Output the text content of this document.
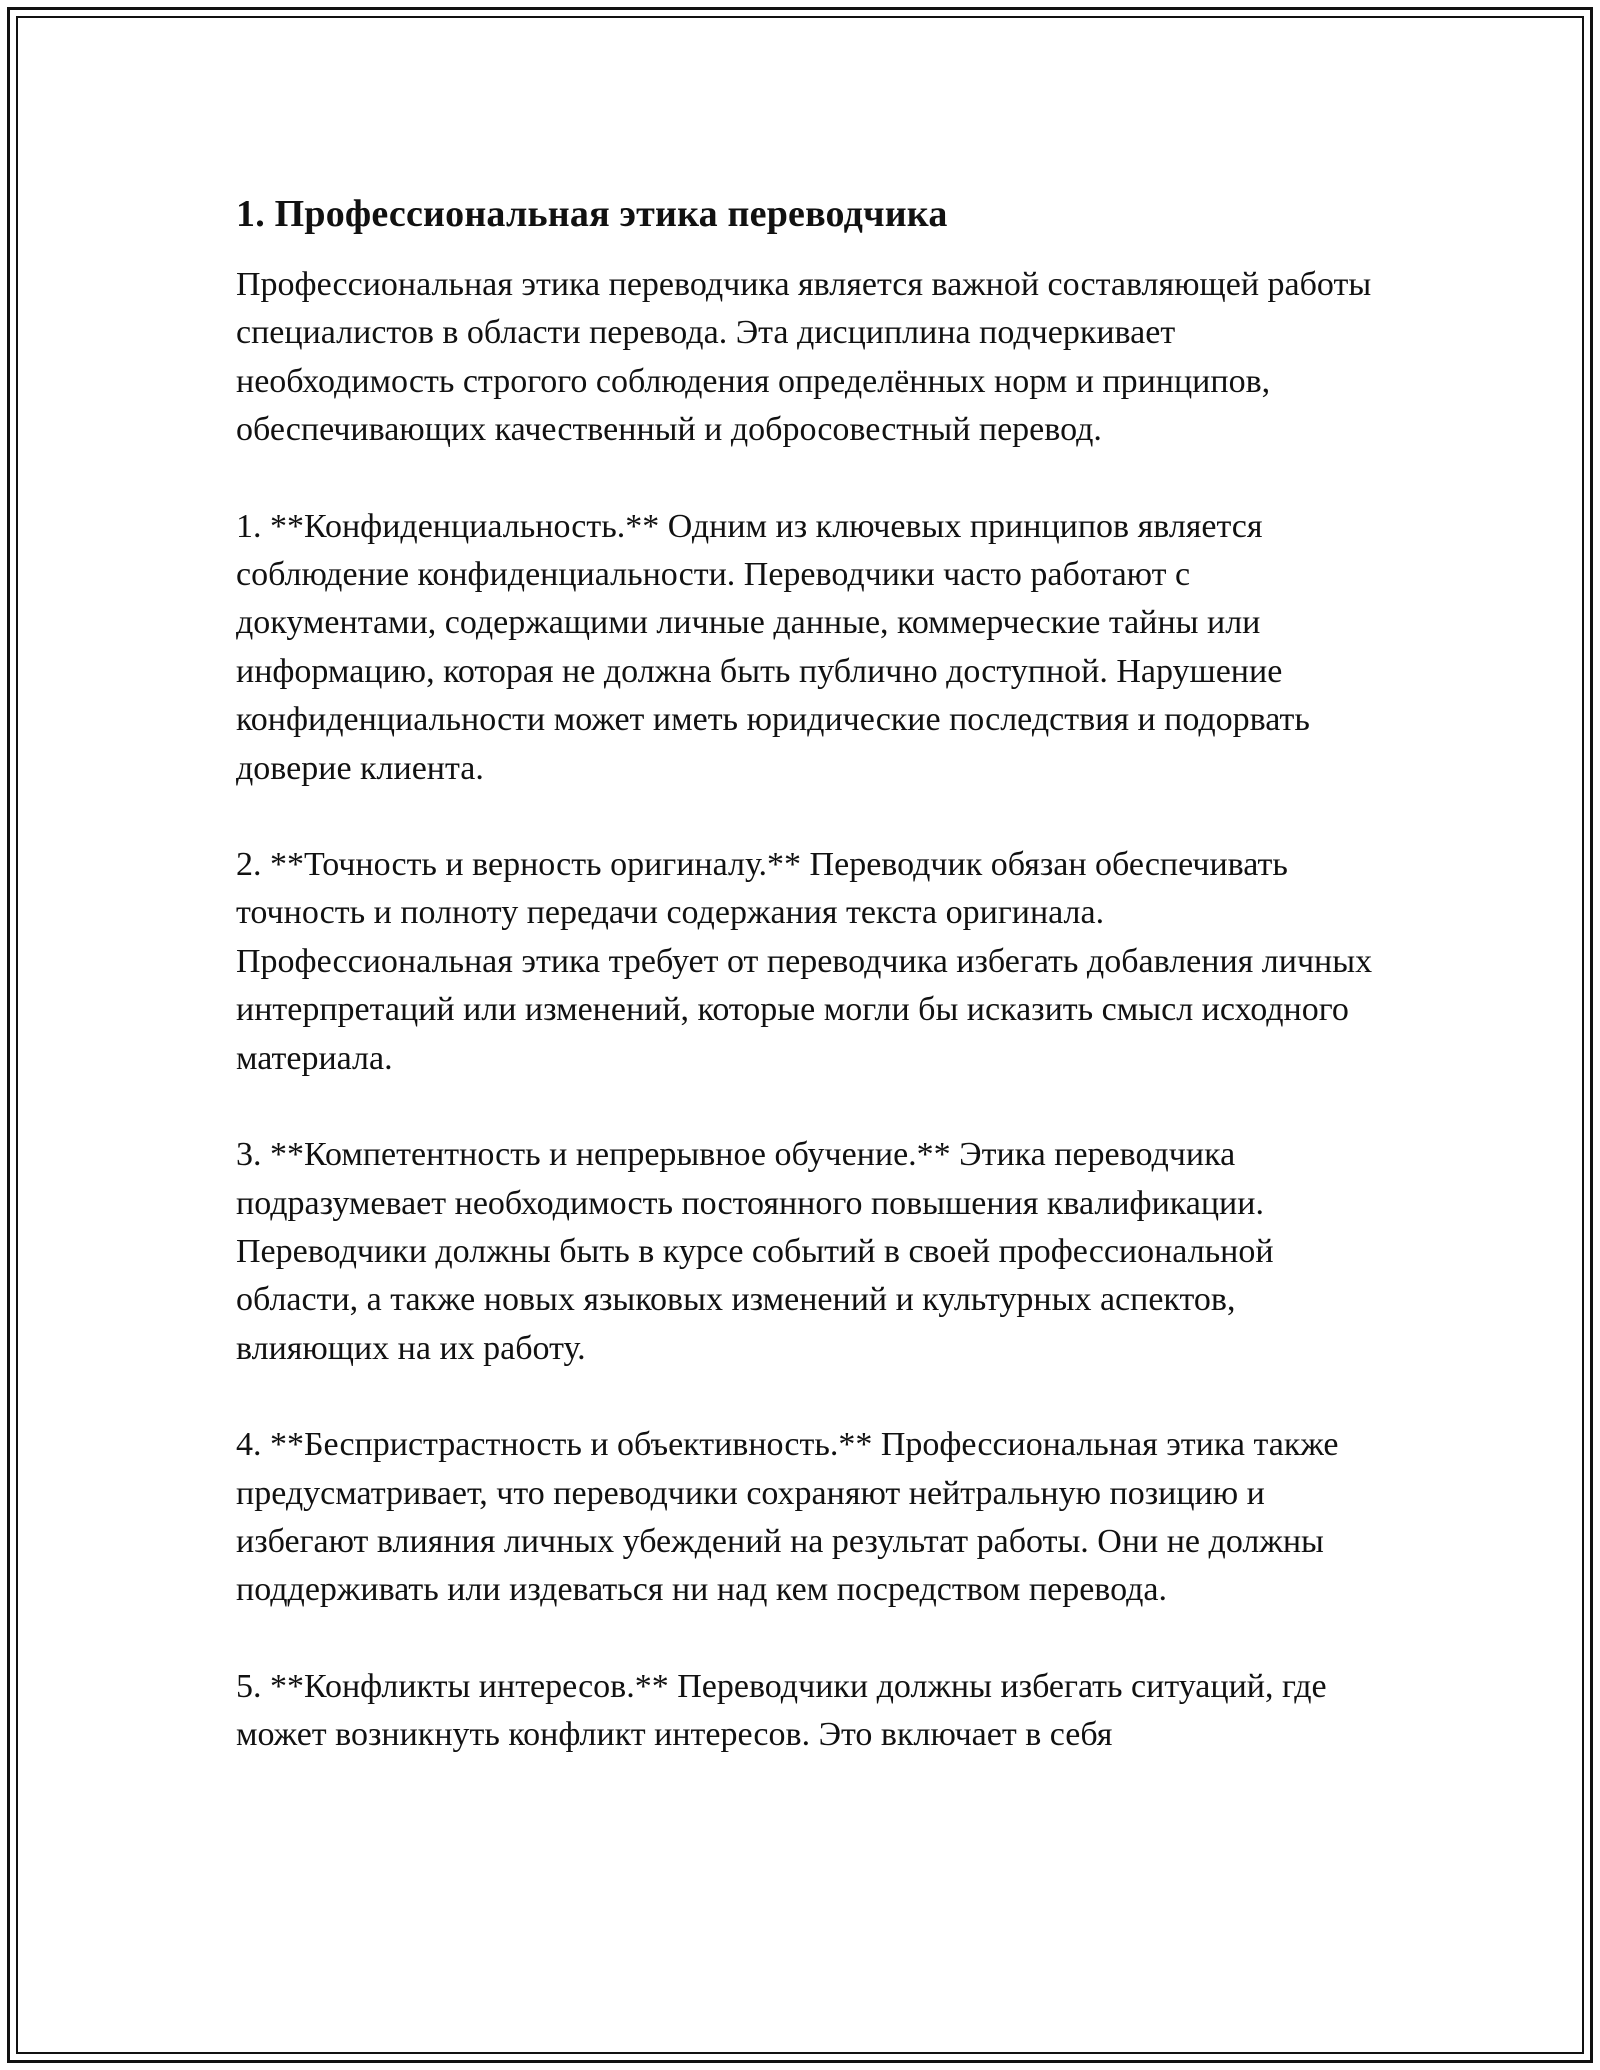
1. Профессиональная этика переводчика

Профессиональная этика переводчика является важной составляющей работы специалистов в области перевода. Эта дисциплина подчеркивает необходимость строгого соблюдения определённых норм и принципов, обеспечивающих качественный и добросовестный перевод.

1. **Конфиденциальность.** Одним из ключевых принципов является соблюдение конфиденциальности. Переводчики часто работают с документами, содержащими личные данные, коммерческие тайны или информацию, которая не должна быть публично доступной. Нарушение конфиденциальности может иметь юридические последствия и подорвать доверие клиента.

2. **Точность и верность оригиналу.** Переводчик обязан обеспечивать точность и полноту передачи содержания текста оригинала. Профессиональная этика требует от переводчика избегать добавления личных интерпретаций или изменений, которые могли бы исказить смысл исходного материала.

3. **Компетентность и непрерывное обучение.** Этика переводчика подразумевает необходимость постоянного повышения квалификации. Переводчики должны быть в курсе событий в своей профессиональной области, а также новых языковых изменений и культурных аспектов, влияющих на их работу.

4. **Беспристрастность и объективность.** Профессиональная этика также предусматривает, что переводчики сохраняют нейтральную позицию и избегают влияния личных убеждений на результат работы. Они не должны поддерживать или издеваться ни над кем посредством перевода.

5. **Конфликты интересов.** Переводчики должны избегать ситуаций, где может возникнуть конфликт интересов. Это включает в себя
